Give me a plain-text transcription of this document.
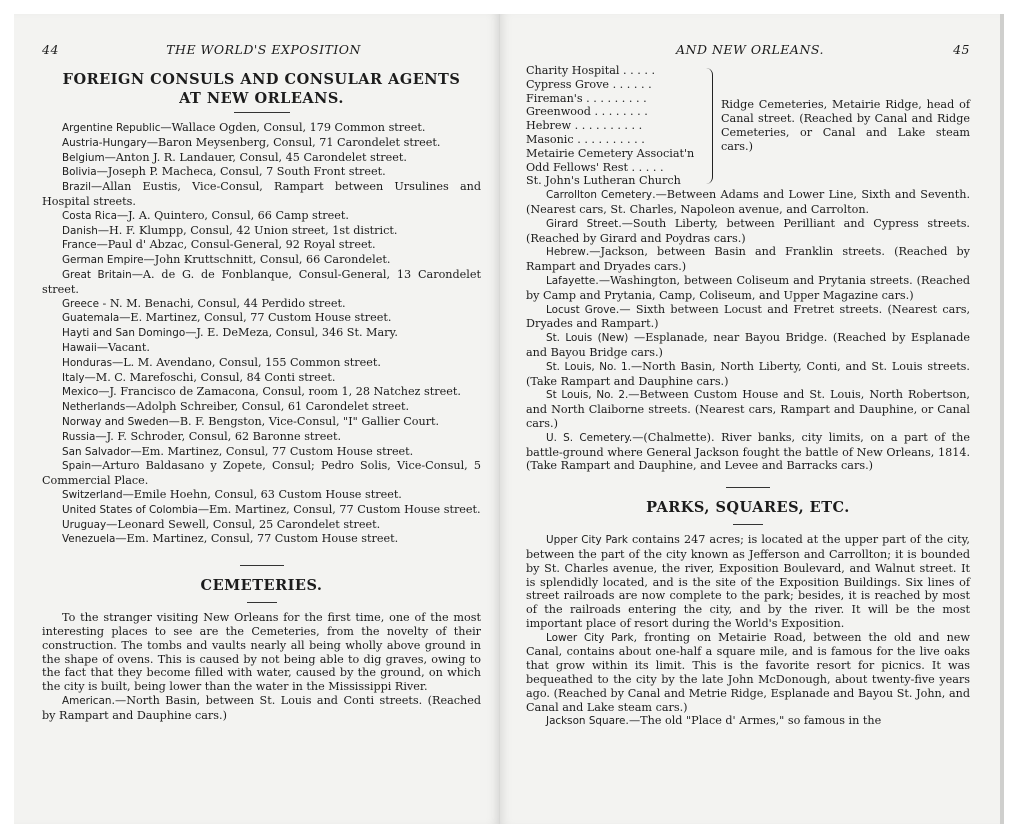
44	THE WORLD'S EXPOSITION
FOREIGN CONSULS AND CONSULAR AGENTS AT NEW ORLEANS.

Argentine Republic—Wallace Ogden, Consul, 179 Common street.

Austria-Hungary—Baron Meysenberg, Consul, 71 Carondelet street.

Belgium—Anton J. R. Landauer, Consul, 45 Carondelet street.

Bolivia—Joseph P. Macheca, Consul, 7 South Front street.

Brazil—Allan Eustis, Vice-Consul, Rampart between Ursulines and Hospital streets.

Costa Rica—J. A. Quintero, Consul, 66 Camp street.

Danish—H. F. Klumpp, Consul, 42 Union street, 1st district.

France—Paul d' Abzac, Consul-General, 92 Royal street.

German Empire—John Kruttschnitt, Consul, 66 Carondelet.

Great Britain—A. de G. de Fonblanque, Consul-General, 13 Carondelet street.

Greece - N. M. Benachi, Consul, 44 Perdido street.

Guatemala—E. Martinez, Consul, 77 Custom House street.

Hayti and San Domingo—J. E. DeMeza, Consul, 346 St. Mary.

Hawaii—Vacant.

Honduras—L. M. Avendano, Consul, 155 Common street.

Italy—M. C. Marefoschi, Consul, 84 Conti street.

Mexico—J. Francisco de Zamacona, Consul, room 1, 28 Natchez street.

Netherlands—Adolph Schreiber, Consul, 61 Carondelet street.

Norway and Sweden—B. F. Bengston, Vice-Consul, "I" Gallier Court.

Russia—J. F. Schroder, Consul, 62 Baronne street.

San Salvador—Em. Martinez, Consul, 77 Custom House street.

Spain—Arturo Baldasano y Zopete, Consul; Pedro Solis, Vice-Consul, 5 Commercial Place.

Switzerland—Emile Hoehn, Consul, 63 Custom House street.

United States of Colombia—Em. Martinez, Consul, 77 Custom House street.

Uruguay—Leonard Sewell, Consul, 25 Carondelet street.

Venezuela—Em. Martinez, Consul, 77 Custom House street.

CEMETERIES.

To the stranger visiting New Orleans for the first time, one of the most interesting places to see are the Cemeteries, from the novelty of their construction. The tombs and vaults nearly all being wholly above ground in the shape of ovens. This is caused by not being able to dig graves, owing to the fact that they become filled with water, caused by the ground, on which the city is built, being lower than the water in the Mississippi River.

American.—North Basin, between St. Louis and Conti streets. (Reached by Rampart and Dauphine cars.)

AND NEW ORLEANS.	45
Charity Hospital . . . . .
Cypress Grove . . . . . .
Fireman's . . . . . . . . .
Greenwood . . . . . . . .
Hebrew . . . . . . . . . .
Masonic . . . . . . . . . .
Metairie Cemetery Associat'n
Odd Fellows' Rest . . . . .
St. John's Lutheran Church
Ridge Cemeteries, Metairie Ridge, head of Canal street. (Reached by Canal and Ridge Cemeteries, or Canal and Lake steam cars.)

Carrollton Cemetery.—Between Adams and Lower Line, Sixth and Seventh. (Nearest cars, St. Charles, Napoleon avenue, and Carrolton.

Girard Street.—South Liberty, between Perilliant and Cypress streets. (Reached by Girard and Poydras cars.)

Hebrew.—Jackson, between Basin and Franklin streets. (Reached by Rampart and Dryades cars.)

Lafayette.—Washington, between Coliseum and Prytania streets. (Reached by Camp and Prytania, Camp, Coliseum, and Upper Magazine cars.)

Locust Grove.— Sixth between Locust and Fretret streets. (Nearest cars, Dryades and Rampart.)

St. Louis (New) —Esplanade, near Bayou Bridge. (Reached by Esplanade and Bayou Bridge cars.)

St. Louis, No. 1.—North Basin, North Liberty, Conti, and St. Louis streets. (Take Rampart and Dauphine cars.)

St Louis, No. 2.—Between Custom House and St. Louis, North Robertson, and North Claiborne streets. (Nearest cars, Rampart and Dauphine, or Canal cars.)

U. S. Cemetery.—(Chalmette). River banks, city limits, on a part of the battle-ground where General Jackson fought the battle of New Orleans, 1814. (Take Rampart and Dauphine, and Levee and Barracks cars.)

PARKS, SQUARES, ETC.

Upper City Park contains 247 acres; is located at the upper part of the city, between the part of the city known as Jefferson and Carrollton; it is bounded by St. Charles avenue, the river, Exposition Boulevard, and Walnut street. It is splendidly located, and is the site of the Exposition Buildings. Six lines of street railroads are now complete to the park; besides, it is reached by most of the railroads entering the city, and by the river. It will be the most important place of resort during the World's Exposition.

Lower City Park, fronting on Metairie Road, between the old and new Canal, contains about one-half a square mile, and is famous for the live oaks that grow within its limit. This is the favorite resort for picnics. It was bequeathed to the city by the late John McDonough, about twenty-five years ago. (Reached by Canal and Metrie Ridge, Esplanade and Bayou St. John, and Canal and Lake steam cars.)

Jackson Square.—The old "Place d' Armes," so famous in the
